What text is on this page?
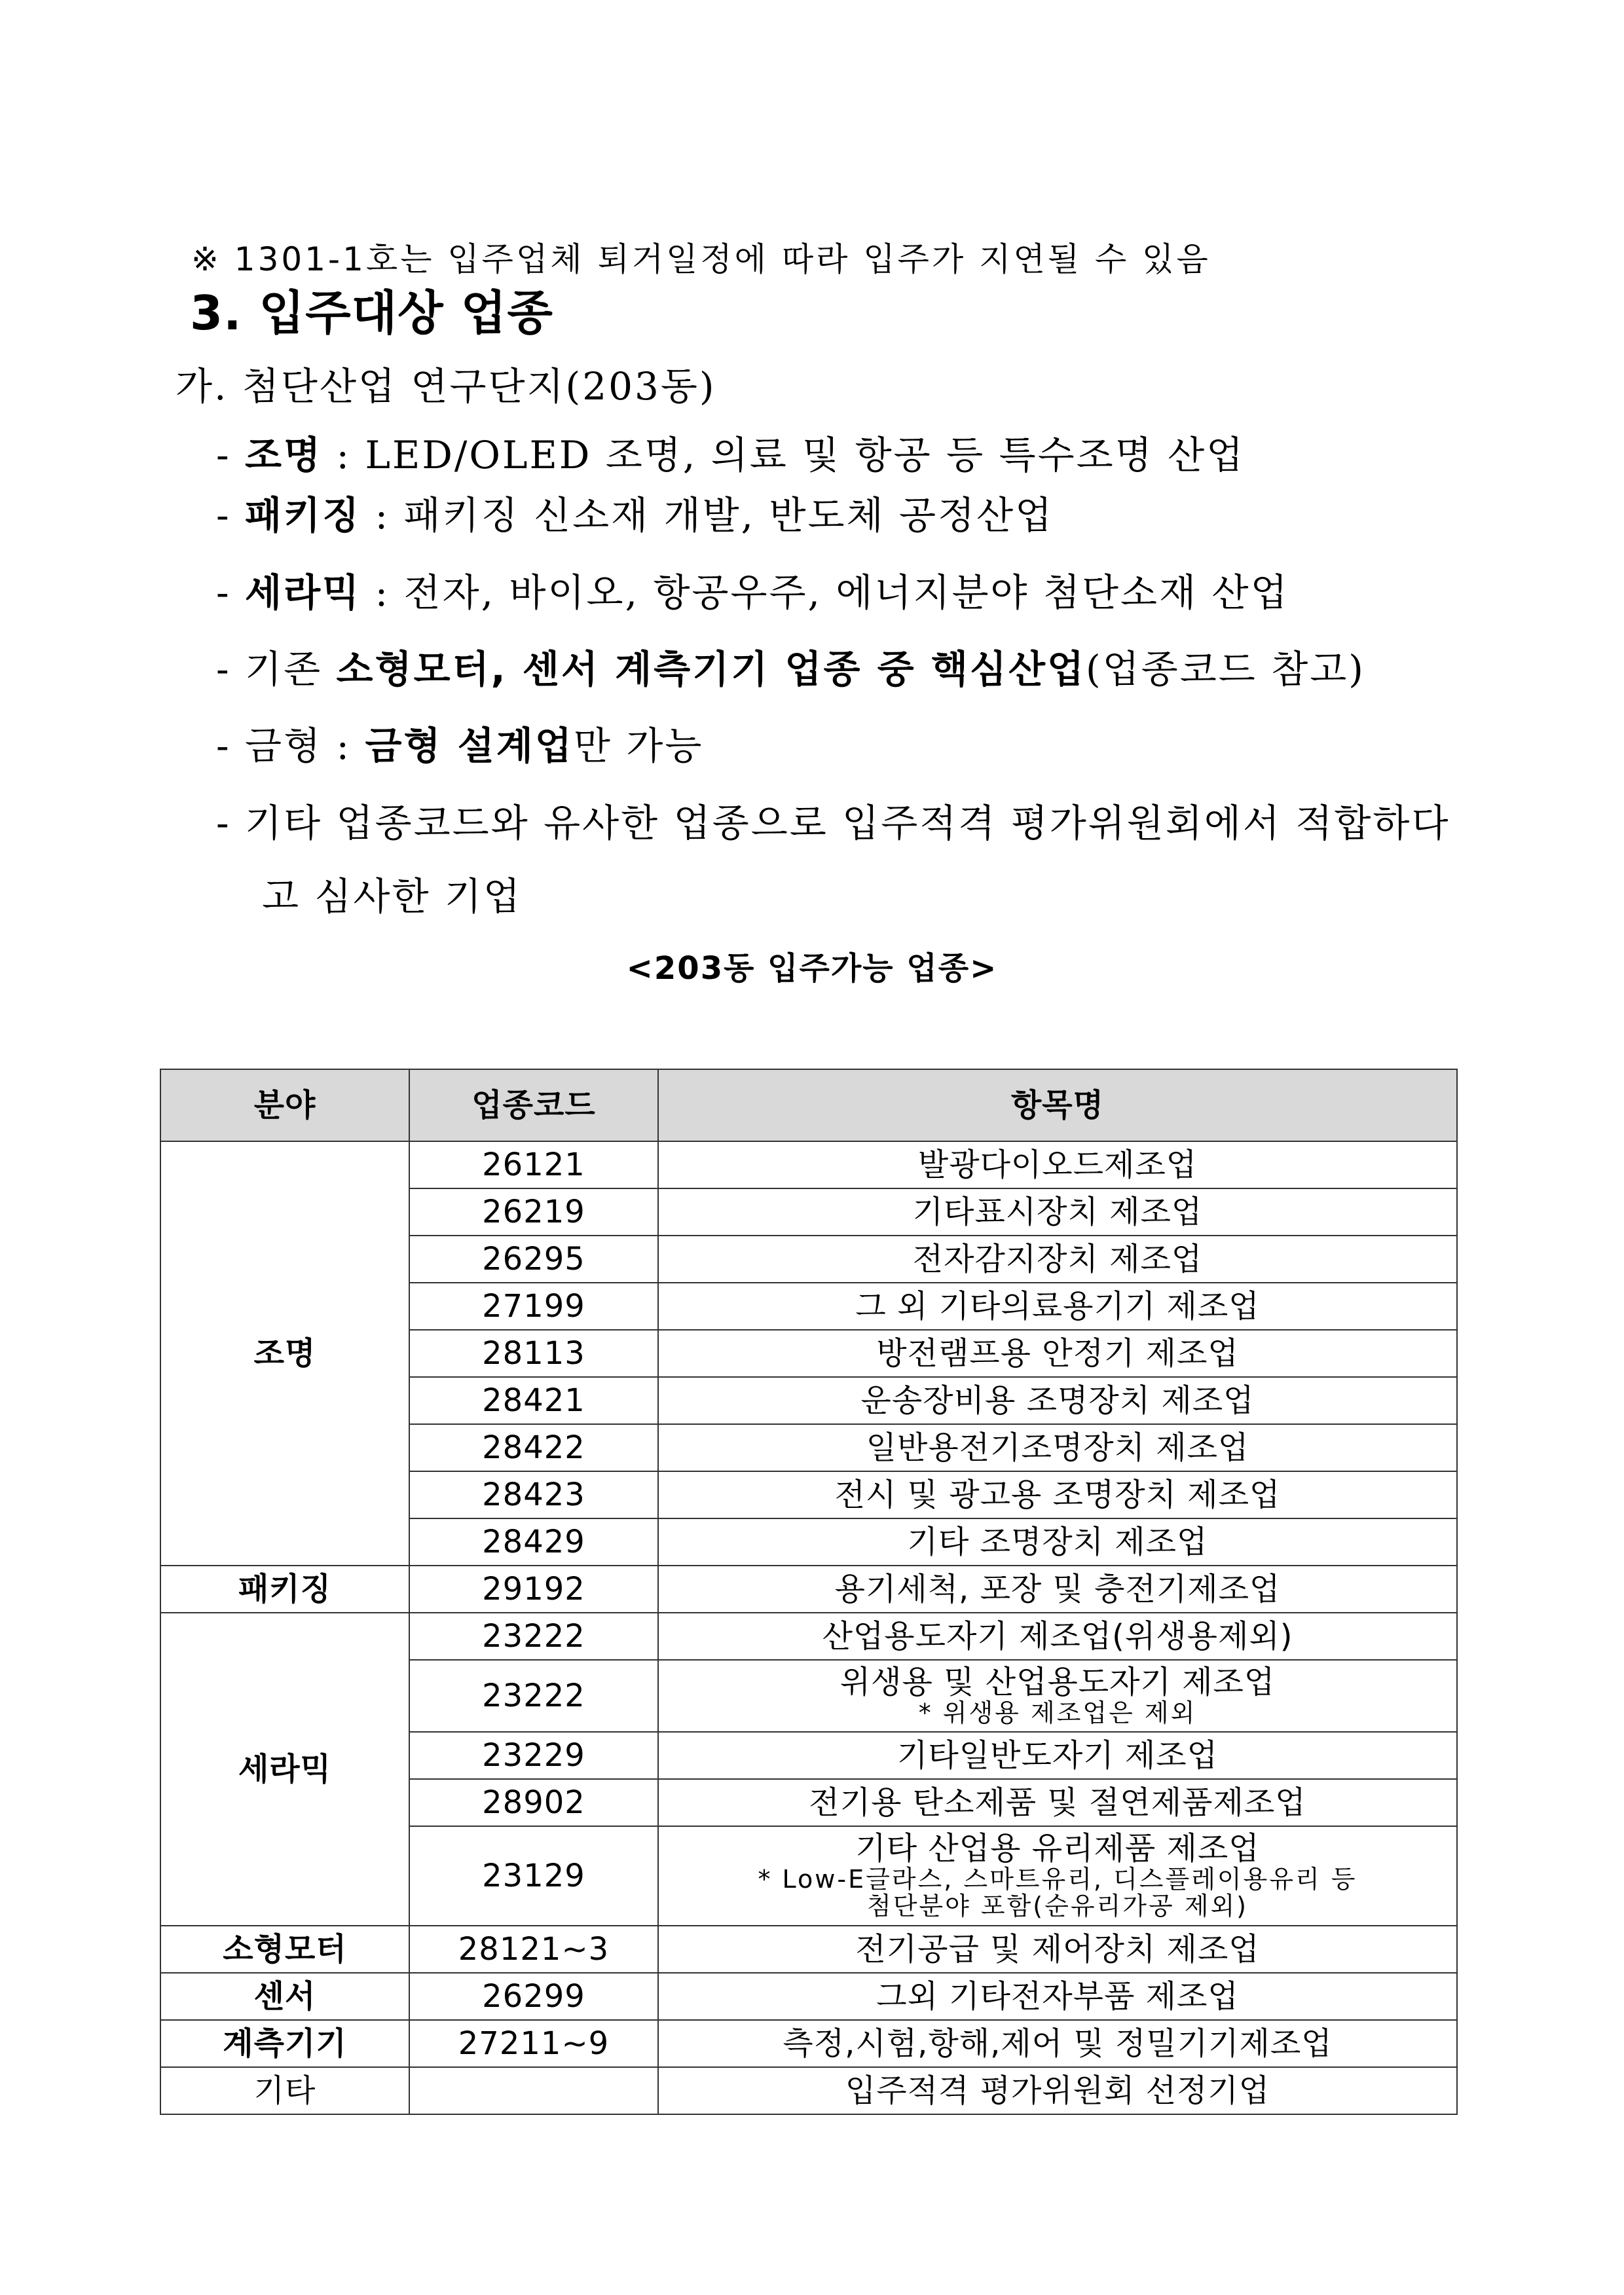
※ 1301-1호는 입주업체 퇴거일정에 따라 입주가 지연될 수 있음
3. 입주대상 업종
가. 첨단산업 연구단지(203동)
- 조명 : LED/OLED 조명, 의료 및 항공 등 특수조명 산업
- 패키징 : 패키징 신소재 개발, 반도체 공정산업
- 세라믹 : 전자, 바이오, 항공우주, 에너지분야 첨단소재 산업
- 기존 소형모터, 센서 계측기기 업종 중 핵심산업(업종코드 참고)
- 금형 : 금형 설계업만 가능
- 기타 업종코드와 유사한 업종으로 입주적격 평가위원회에서 적합하다
고 심사한 기업
<203동 입주가능 업종>
분야	업종코드	항목명
조명	26121	발광다이오드제조업

	26219	기타표시장치 제조업

	26295	전자감지장치 제조업

	27199	그 외 기타의료용기기 제조업

	28113	방전램프용 안정기 제조업

	28421	운송장비용 조명장치 제조업

	28422	일반용전기조명장치 제조업

	28423	전시 및 광고용 조명장치 제조업

	28429	기타 조명장치 제조업

패키징	29192	용기세척, 포장 및 충전기제조업

세라믹	23222	산업용도자기 제조업(위생용제외)

	23222	위생용 및 산업용도자기 제조업
* 위생용 제조업은 제외

	23229	기타일반도자기 제조업

	28902	전기용 탄소제품 및 절연제품제조업

	23129	기타 산업용 유리제품 제조업
* Low-E글라스, 스마트유리, 디스플레이용유리 등
첨단분야 포함(순유리가공 제외)

소형모터	28121~3	전기공급 및 제어장치 제조업

센서	26299	그외 기타전자부품 제조업

계측기기	27211~9	측정,시험,항해,제어 및 정밀기기제조업

기타		입주적격 평가위원회 선정기업
